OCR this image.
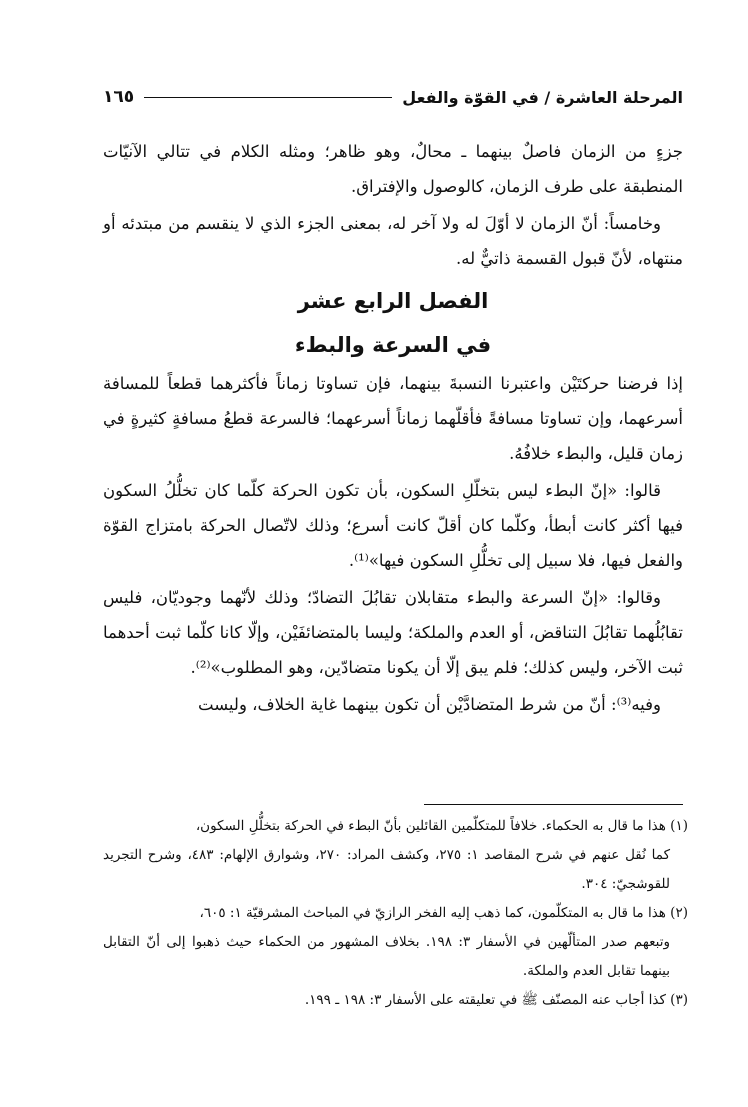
المرحلة العاشرة / في القوّة والفعل
١٦٥

جزءٍ من الزمان فاصلٌ بينهما ـ محالٌ، وهو ظاهر؛ ومثله الكلام في تتالي الآنيّات المنطبقة على طرف الزمان، كالوصول والإفتراق.

وخامساً: أنّ الزمان لا أوّلَ له ولا آخر له، بمعنى الجزء الذي لا ينقسم من مبتدئه أو منتهاه، لأنّ قبول القسمة ذاتيٌّ له.

الفصل الرابع عشر
في السرعة والبطء

إذا فرضنا حركتَيْن واعتبرنا النسبةَ بينهما، فإن تساوتا زماناً فأكثرهما قطعاً للمسافة أسرعهما، وإن تساوتا مسافةً فأقلّهما زماناً أسرعهما؛ فالسرعة قطعُ مسافةٍ كثيرةٍ في زمان قليل، والبطء خلافُهُ.

قالوا: «إنّ البطء ليس بتخلّلِ السكون، بأن تكون الحركة كلّما كان تخلُّلُ السكون فيها أكثر كانت أبطأ، وكلّما كان أقلّ كانت أسرع؛ وذلك لاتّصال الحركة بامتزاج القوّة والفعل فيها، فلا سبيل إلى تخلُّلِ السكون فيها»⁽¹⁾.

وقالوا: «إنّ السرعة والبطء متقابلان تقابُلَ التضادّ؛ وذلك لأنّهما وجوديّان، فليس تقابُلُهما تقابُلَ التناقض، أو العدم والملكة؛ وليسا بالمتضائفَيْن، وإلّا كانا كلّما ثبت أحدهما ثبت الآخر، وليس كذلك؛ فلم يبق إلّا أن يكونا متضادّين، وهو المطلوب»⁽²⁾.

وفيه⁽³⁾: أنّ من شرط المتضادَّيْن أن تكون بينهما غاية الخلاف، وليست

(١) هذا ما قال به الحكماء. خلافاً للمتكلّمين القائلين بأنّ البطء في الحركة بتخلُّلِ السكون،
كما نُقل عنهم في شرح المقاصد ١: ٢٧٥، وكشف المراد: ٢٧٠، وشوارق الإلهام: ٤٨٣، وشرح التجريد للقوشجيّ: ٣٠٤.
(٢) هذا ما قال به المتكلّمون، كما ذهب إليه الفخر الرازيّ في المباحث المشرقيّة ١: ٦٠٥،
وتبعهم صدر المتألّهين في الأسفار ٣: ١٩٨. بخلاف المشهور من الحكماء حيث ذهبوا إلى أنّ التقابل بينهما تقابل العدم والملكة.
(٣) كذا أجاب عنه المصنّف ﷺ في تعليقته على الأسفار ٣: ١٩٨ ـ ١٩٩.
